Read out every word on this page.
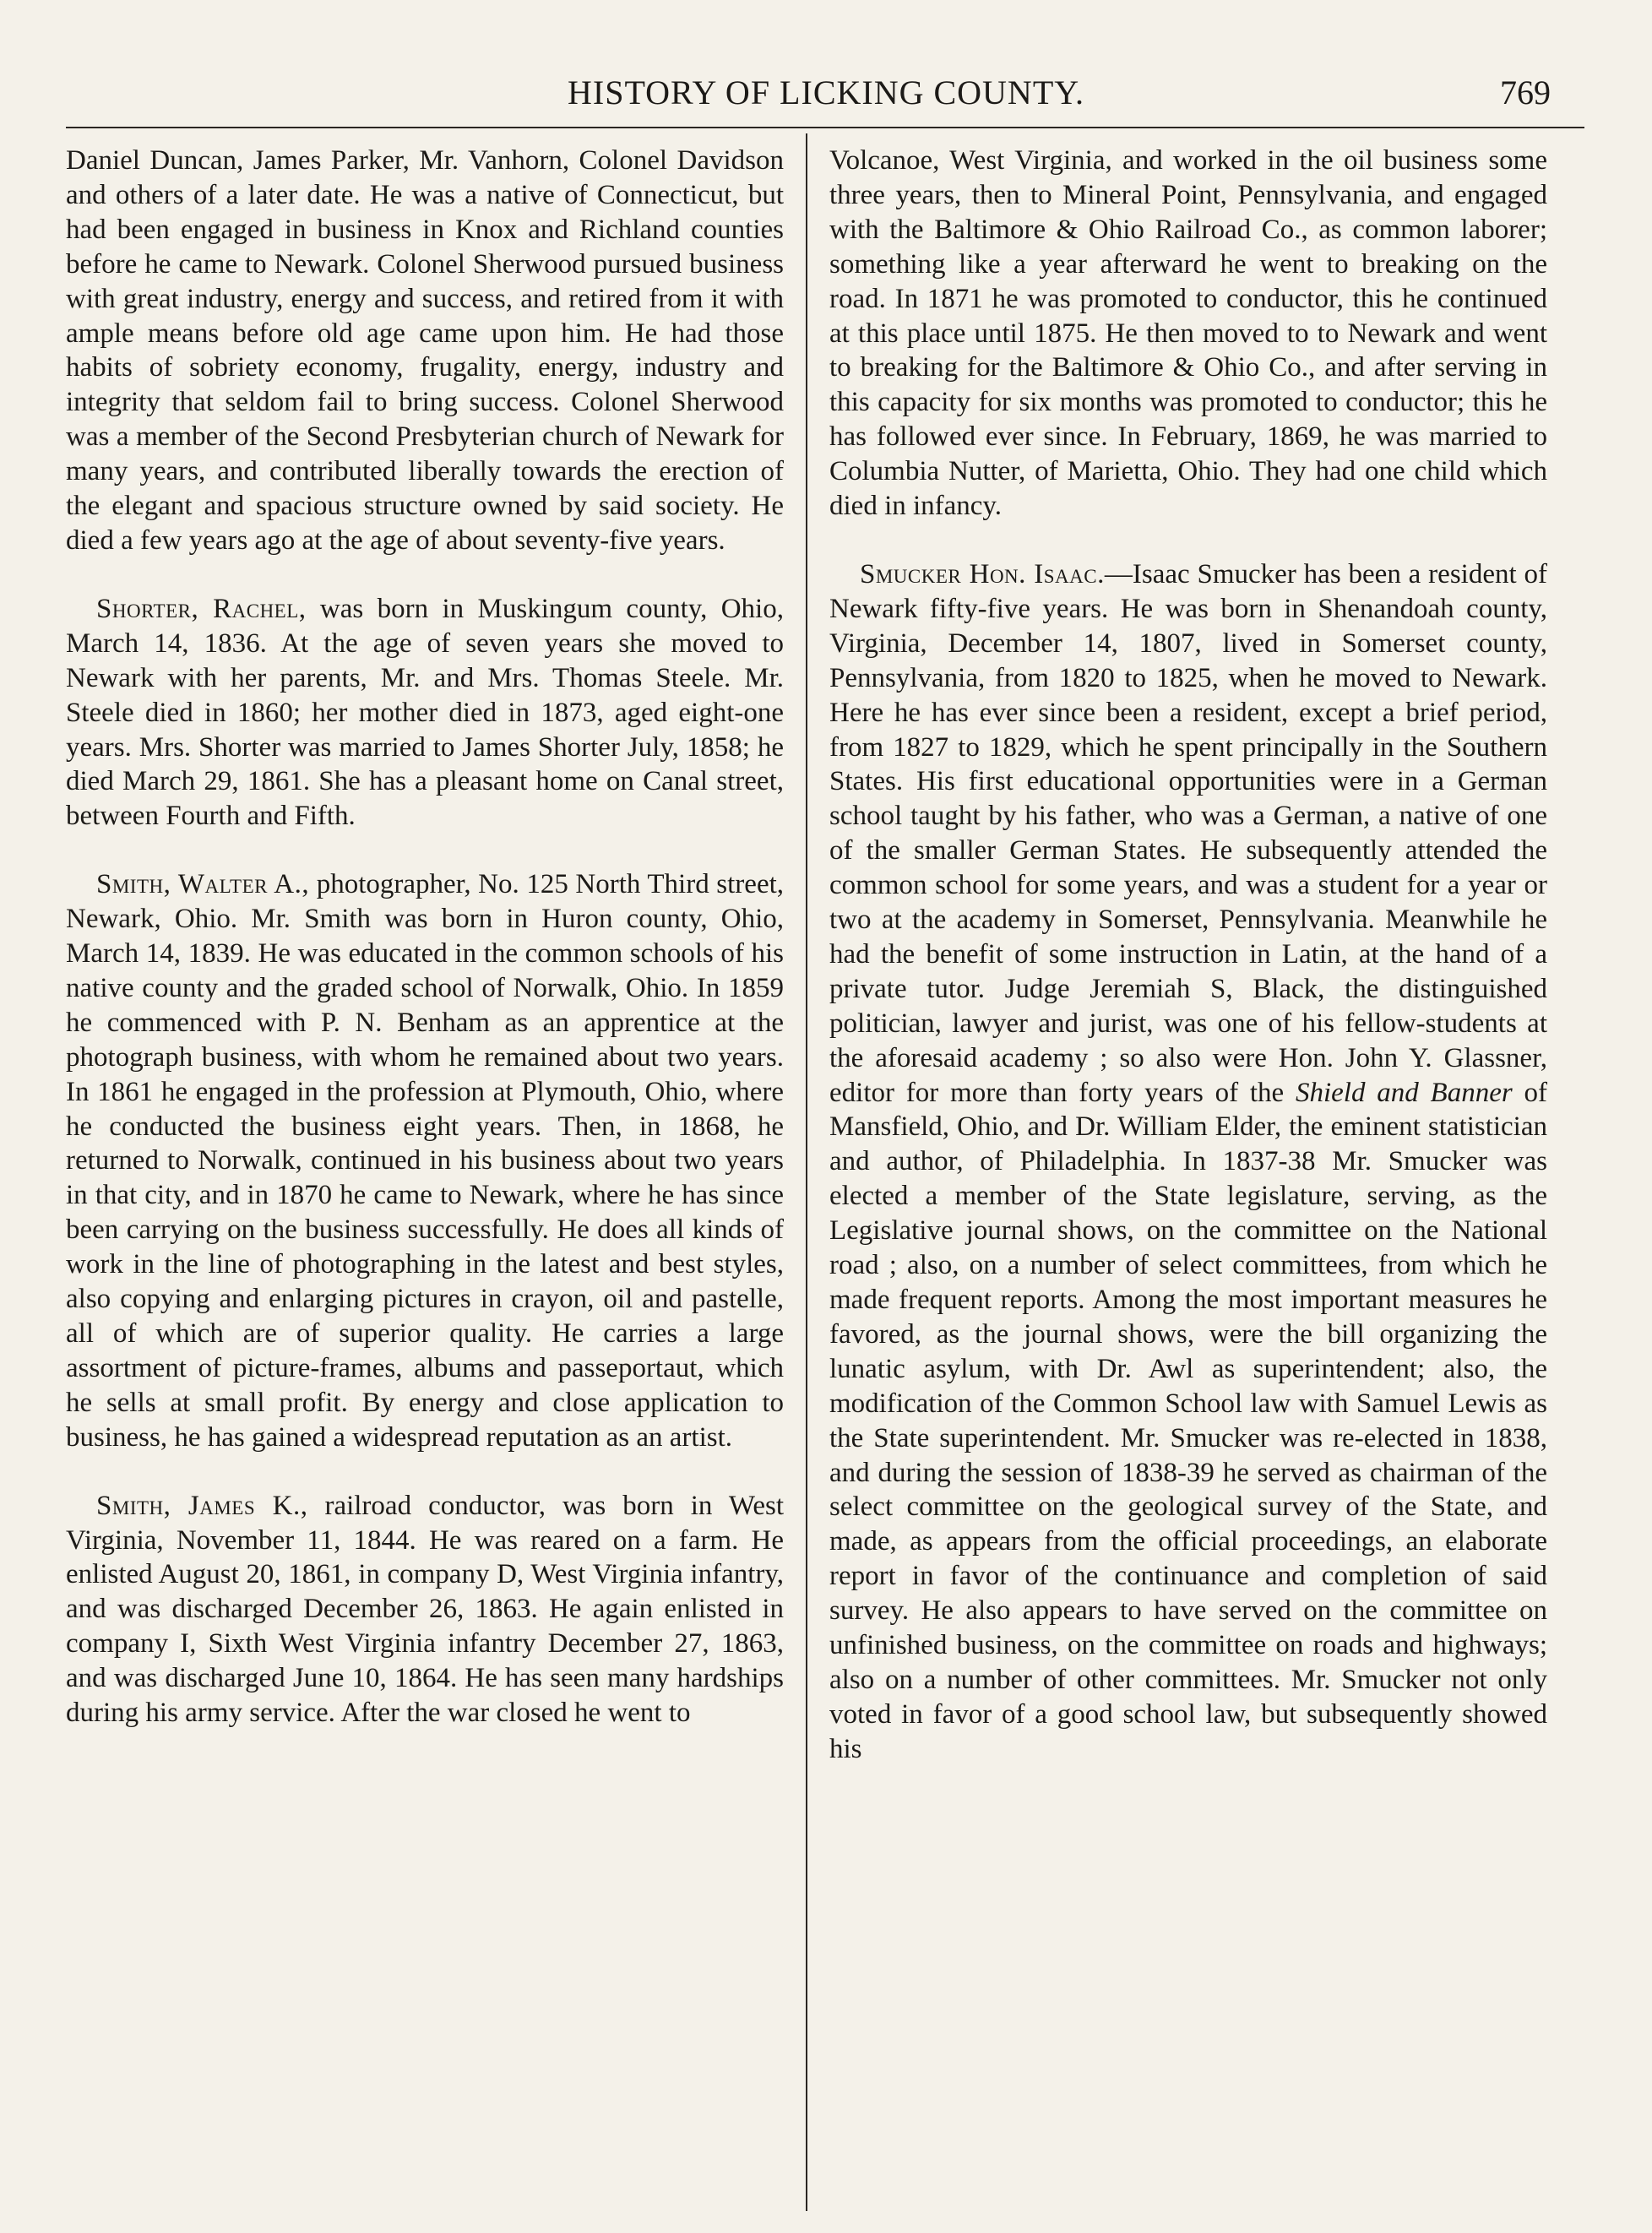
HISTORY OF LICKING COUNTY.	769

Daniel Duncan, James Parker, Mr. Vanhorn, Colonel Davidson and others of a later date. He was a native of Connecticut, but had been engaged in business in Knox and Richland counties before he came to Newark. Colonel Sherwood pursued business with great industry, energy and success, and retired from it with ample means before old age came upon him. He had those habits of sobriety economy, frugality, energy, industry and integrity that seldom fail to bring success. Colonel Sherwood was a member of the Second Presbyterian church of Newark for many years, and contributed liberally towards the erection of the elegant and spacious structure owned by said society. He died a few years ago at the age of about seventy-five years.

Shorter, Rachel, was born in Muskingum county, Ohio, March 14, 1836. At the age of seven years she moved to Newark with her parents, Mr. and Mrs. Thomas Steele. Mr. Steele died in 1860; her mother died in 1873, aged eight-one years. Mrs. Shorter was married to James Shorter July, 1858; he died March 29, 1861. She has a pleasant home on Canal street, between Fourth and Fifth.

Smith, Walter A., photographer, No. 125 North Third street, Newark, Ohio. Mr. Smith was born in Huron county, Ohio, March 14, 1839. He was educated in the common schools of his native county and the graded school of Norwalk, Ohio. In 1859 he commenced with P. N. Benham as an apprentice at the photograph business, with whom he remained about two years. In 1861 he engaged in the profession at Plymouth, Ohio, where he conducted the business eight years. Then, in 1868, he returned to Norwalk, continued in his business about two years in that city, and in 1870 he came to Newark, where he has since been carrying on the business successfully. He does all kinds of work in the line of photographing in the latest and best styles, also copying and enlarging pictures in crayon, oil and pastelle, all of which are of superior quality. He carries a large assortment of picture-frames, albums and passeportaut, which he sells at small profit. By energy and close application to business, he has gained a widespread reputation as an artist.

Smith, James K., railroad conductor, was born in West Virginia, November 11, 1844. He was reared on a farm. He enlisted August 20, 1861, in company D, West Virginia infantry, and was discharged December 26, 1863. He again enlisted in company I, Sixth West Virginia infantry December 27, 1863, and was discharged June 10, 1864. He has seen many hardships during his army service. After the war closed he went to

Volcanoe, West Virginia, and worked in the oil business some three years, then to Mineral Point, Pennsylvania, and engaged with the Baltimore & Ohio Railroad Co., as common laborer; something like a year afterward he went to breaking on the road. In 1871 he was promoted to conductor, this he continued at this place until 1875. He then moved to to Newark and went to breaking for the Baltimore & Ohio Co., and after serving in this capacity for six months was promoted to conductor; this he has followed ever since. In February, 1869, he was married to Columbia Nutter, of Marietta, Ohio. They had one child which died in infancy.

Smucker Hon. Isaac.—Isaac Smucker has been a resident of Newark fifty-five years. He was born in Shenandoah county, Virginia, December 14, 1807, lived in Somerset county, Pennsylvania, from 1820 to 1825, when he moved to Newark. Here he has ever since been a resident, except a brief period, from 1827 to 1829, which he spent principally in the Southern States. His first educational opportunities were in a German school taught by his father, who was a German, a native of one of the smaller German States. He subsequently attended the common school for some years, and was a student for a year or two at the academy in Somerset, Pennsylvania. Meanwhile he had the benefit of some instruction in Latin, at the hand of a private tutor. Judge Jeremiah S, Black, the distinguished politician, lawyer and jurist, was one of his fellow-students at the aforesaid academy ; so also were Hon. John Y. Glassner, editor for more than forty years of the Shield and Banner of Mansfield, Ohio, and Dr. William Elder, the eminent statistician and author, of Philadelphia. In 1837-38 Mr. Smucker was elected a member of the State legislature, serving, as the Legislative journal shows, on the committee on the National road ; also, on a number of select committees, from which he made frequent reports. Among the most important measures he favored, as the journal shows, were the bill organizing the lunatic asylum, with Dr. Awl as superintendent; also, the modification of the Common School law with Samuel Lewis as the State superintendent. Mr. Smucker was re-elected in 1838, and during the session of 1838-39 he served as chairman of the select committee on the geological survey of the State, and made, as appears from the official proceedings, an elaborate report in favor of the continuance and completion of said survey. He also appears to have served on the committee on unfinished business, on the committee on roads and highways; also on a number of other committees. Mr. Smucker not only voted in favor of a good school law, but subsequently showed his
